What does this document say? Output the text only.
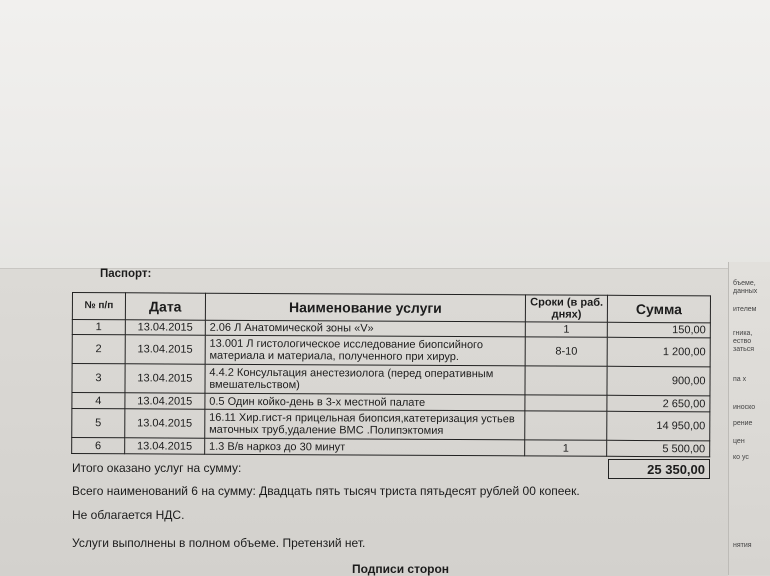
бъеме,
данных
ителем
гника,
ество
заться
па х
иноско
рение
цен
ко ус
нятия
Паспорт:
№ п/п	Дата	Наименование услуги	Сроки (в раб. днях)	Сумма
1	13.04.2015	2.06 Л Анатомической зоны «V»	1	150,00
2	13.04.2015	13.001 Л гистологическое исследование биопсийного материала и материала, полученного при хирур.	8-10	1 200,00
3	13.04.2015	4.4.2 Консультация анестезиолога (перед оперативным вмешательством)		900,00
4	13.04.2015	0.5 Один койко-день в 3-х местной палате		2 650,00
5	13.04.2015	16.11 Хир.гист-я прицельная биопсия,катетеризация устьев маточных труб,удаление ВМС .Полипэктомия		14 950,00
6	13.04.2015	1.3 В/в наркоз до 30 минут	1	5 500,00
Итого оказано услуг на сумму:	25 350,00
Всего наименований 6 на сумму: Двадцать пять тысяч триста пятьдесят рублей 00 копеек.
Не облагается НДС.
Услуги выполнены в полном объеме. Претензий нет.
Подписи сторон
